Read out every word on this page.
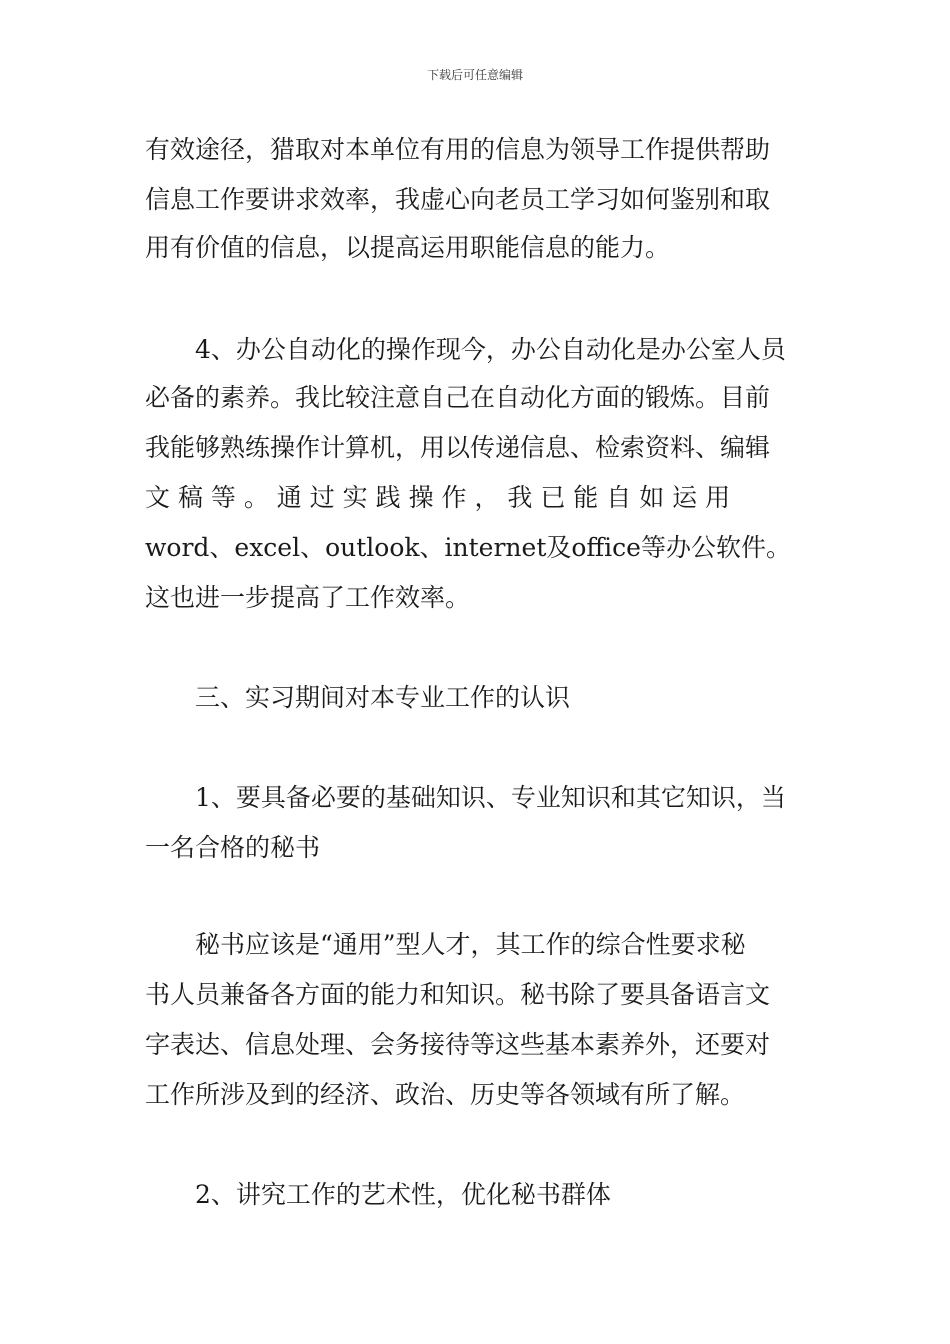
下载后可任意编辑
有效途径，猎取对本单位有用的信息为领导工作提供帮助
信息工作要讲求效率，我虚心向老员工学习如何鉴别和取
用有价值的信息，以提高运用职能信息的能力。
4、办公自动化的操作现今，办公自动化是办公室人员
必备的素养。我比较注意自己在自动化方面的锻炼。目前
我能够熟练操作计算机，用以传递信息、检索资料、编辑
文 稿 等 。 通 过 实 践 操 作 ， 我 已 能 自 如 运 用
word、excel、outlook、internet及office等办公软件。
这也进一步提高了工作效率。
三、实习期间对本专业工作的认识
1、要具备必要的基础知识、专业知识和其它知识，当
一名合格的秘书
秘书应该是“通用”型人才，其工作的综合性要求秘
书人员兼备各方面的能力和知识。秘书除了要具备语言文
字表达、信息处理、会务接待等这些基本素养外，还要对
工作所涉及到的经济、政治、历史等各领域有所了解。
2、讲究工作的艺术性，优化秘书群体
